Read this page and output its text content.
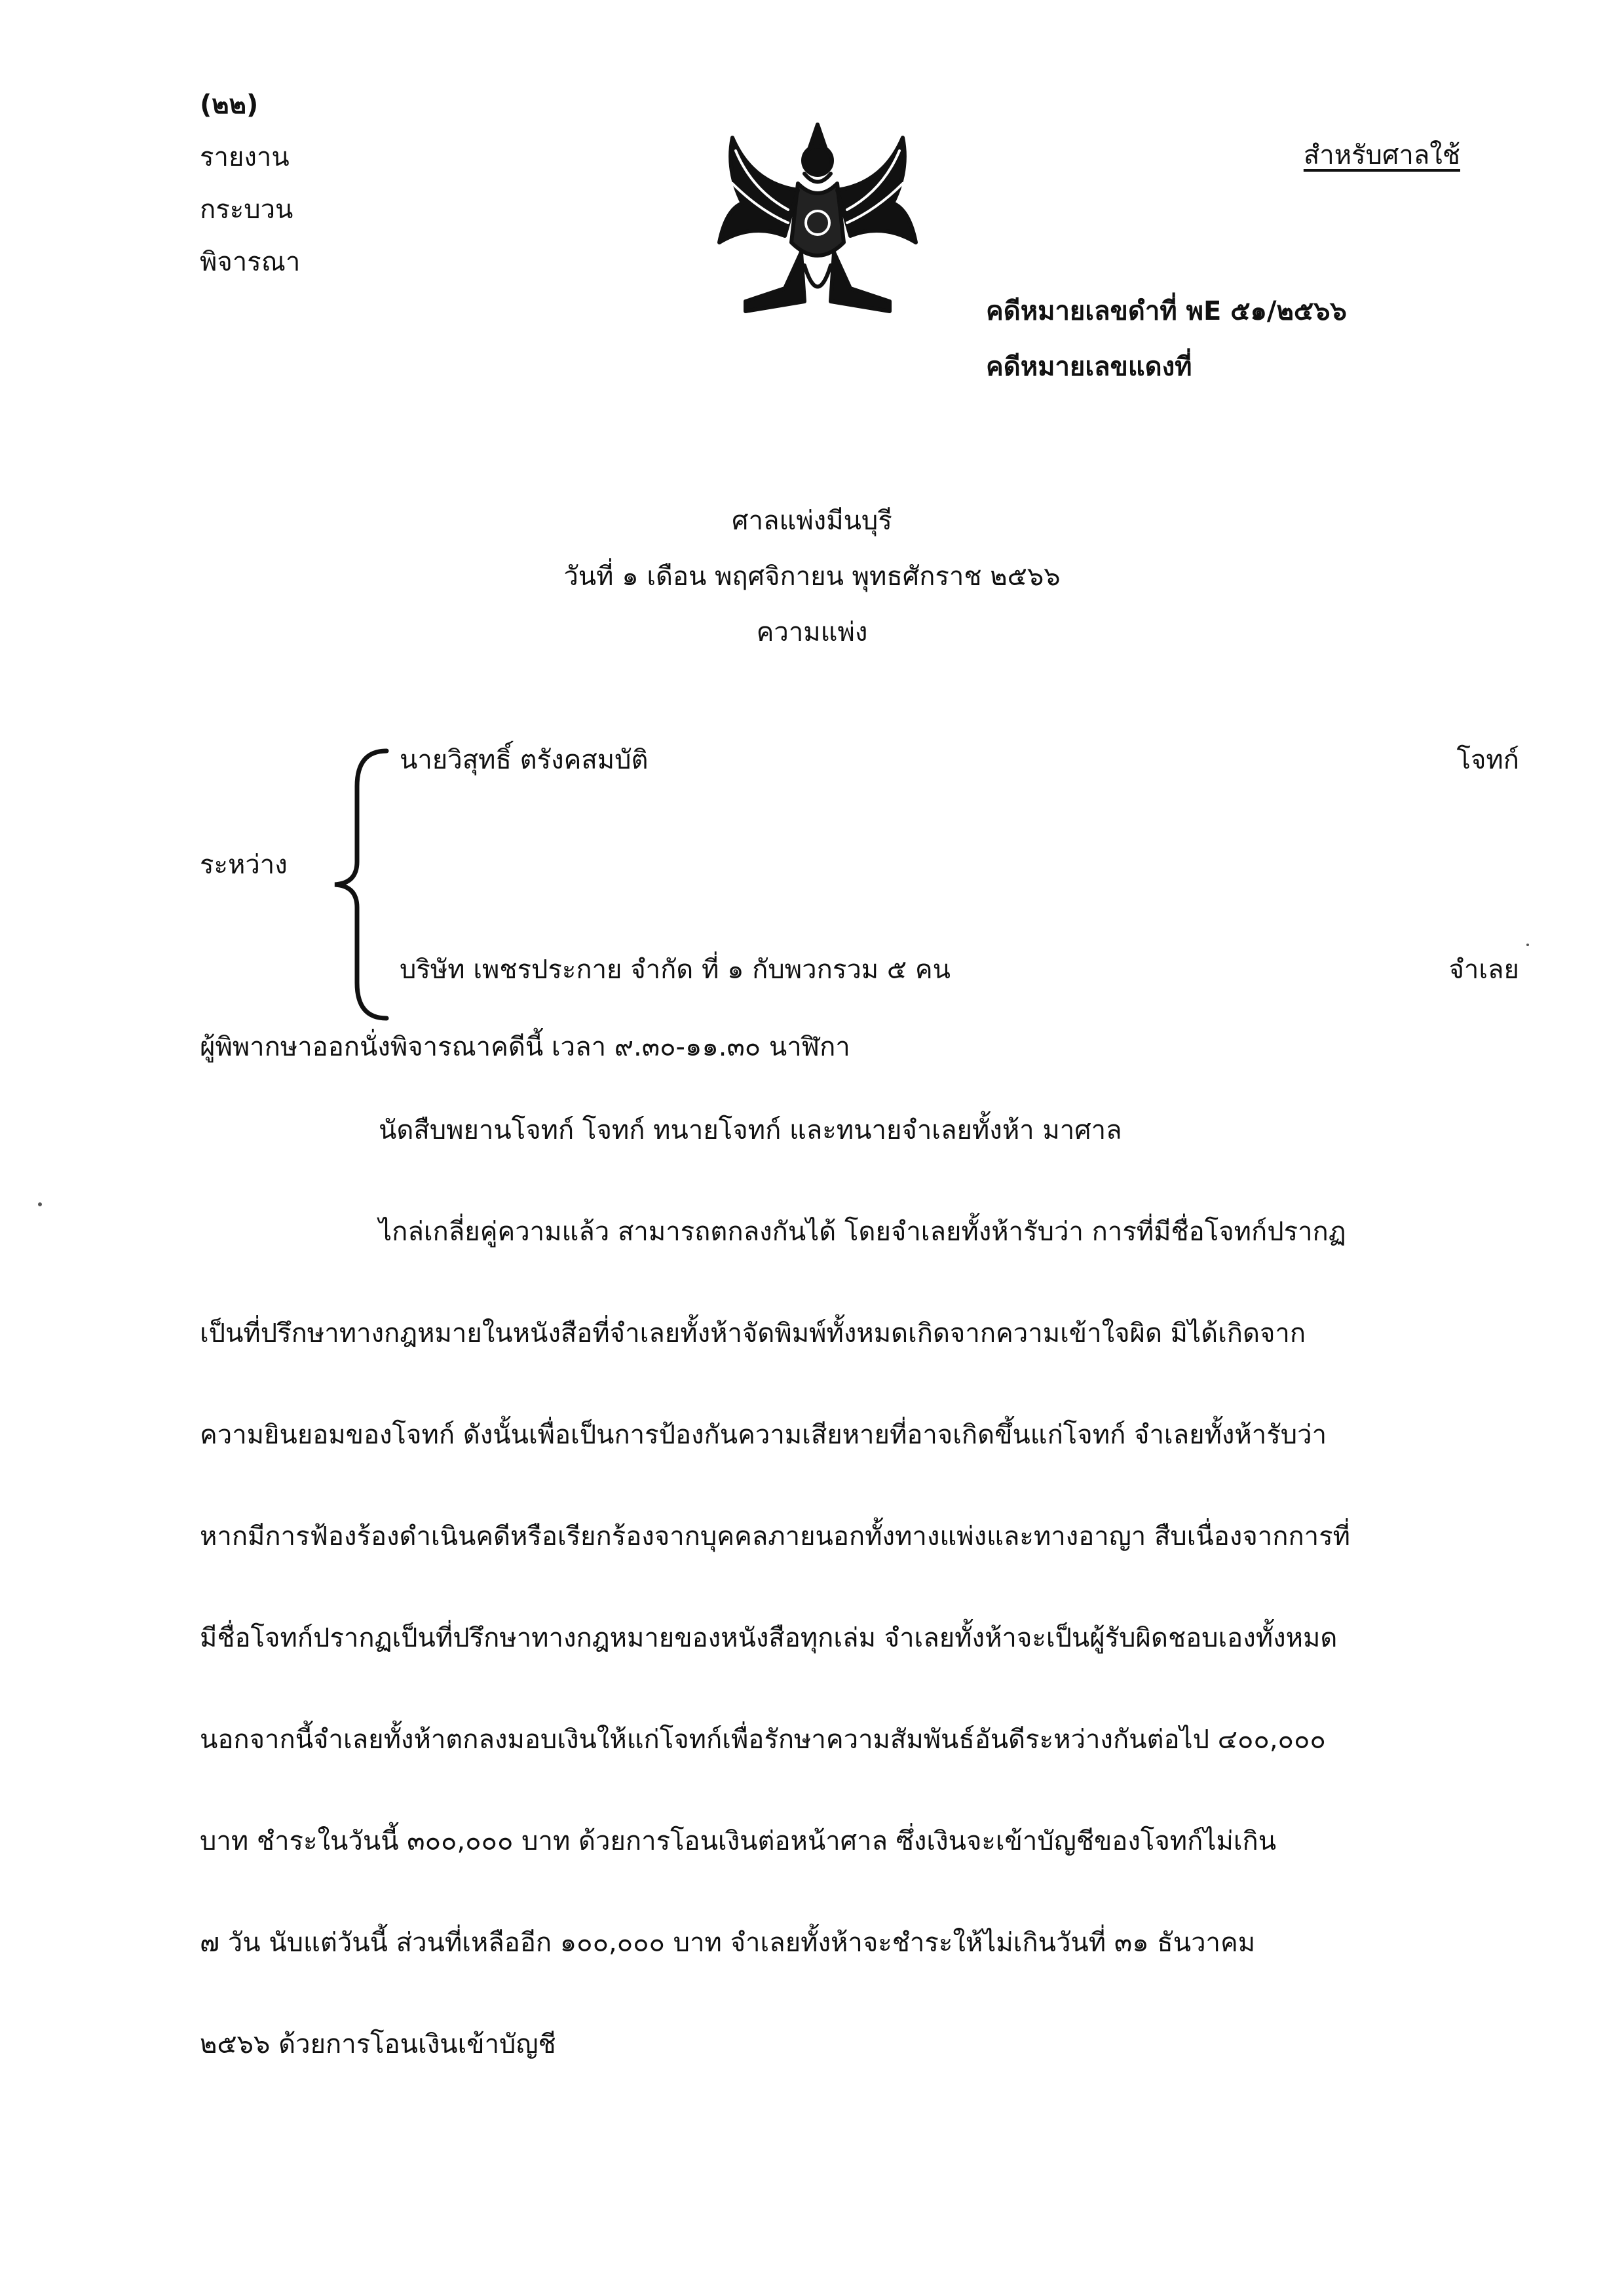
(๒๒)
รายงาน
กระบวน
พิจารณา
สำหรับศาลใช้
คดีหมายเลขดำที่ พE ๕๑/๒๕๖๖
คดีหมายเลขแดงที่
ศาลแพ่งมีนบุรี
วันที่ ๑ เดือน พฤศจิกายน พุทธศักราช ๒๕๖๖
ความแพ่ง
นายวิสุทธิ์ ตรังคสมบัติ	โจทก์
ระหว่าง
บริษัท เพชรประกาย จำกัด ที่ ๑ กับพวกรวม ๕ คน	จำเลย
ผู้พิพากษาออกนั่งพิจารณาคดีนี้ เวลา ๙.๓๐-๑๑.๓๐ นาฬิกา
นัดสืบพยานโจทก์ โจทก์ ทนายโจทก์ และทนายจำเลยทั้งห้า มาศาล
ไกล่เกลี่ยคู่ความแล้ว สามารถตกลงกันได้ โดยจำเลยทั้งห้ารับว่า การที่มีชื่อโจทก์ปรากฏ
เป็นที่ปรึกษาทางกฎหมายในหนังสือที่จำเลยทั้งห้าจัดพิมพ์ทั้งหมดเกิดจากความเข้าใจผิด มิได้เกิดจาก
ความยินยอมของโจทก์ ดังนั้นเพื่อเป็นการป้องกันความเสียหายที่อาจเกิดขึ้นแก่โจทก์ จำเลยทั้งห้ารับว่า
หากมีการฟ้องร้องดำเนินคดีหรือเรียกร้องจากบุคคลภายนอกทั้งทางแพ่งและทางอาญา สืบเนื่องจากการที่
มีชื่อโจทก์ปรากฏเป็นที่ปรึกษาทางกฎหมายของหนังสือทุกเล่ม จำเลยทั้งห้าจะเป็นผู้รับผิดชอบเองทั้งหมด
นอกจากนี้จำเลยทั้งห้าตกลงมอบเงินให้แก่โจทก์เพื่อรักษาความสัมพันธ์อันดีระหว่างกันต่อไป ๔๐๐,๐๐๐
บาท ชำระในวันนี้ ๓๐๐,๐๐๐ บาท ด้วยการโอนเงินต่อหน้าศาล ซึ่งเงินจะเข้าบัญชีของโจทก์ไม่เกิน
๗ วัน นับแต่วันนี้ ส่วนที่เหลืออีก ๑๐๐,๐๐๐ บาท จำเลยทั้งห้าจะชำระให้ไม่เกินวันที่ ๓๑ ธันวาคม
๒๕๖๖ ด้วยการโอนเงินเข้าบัญชี
